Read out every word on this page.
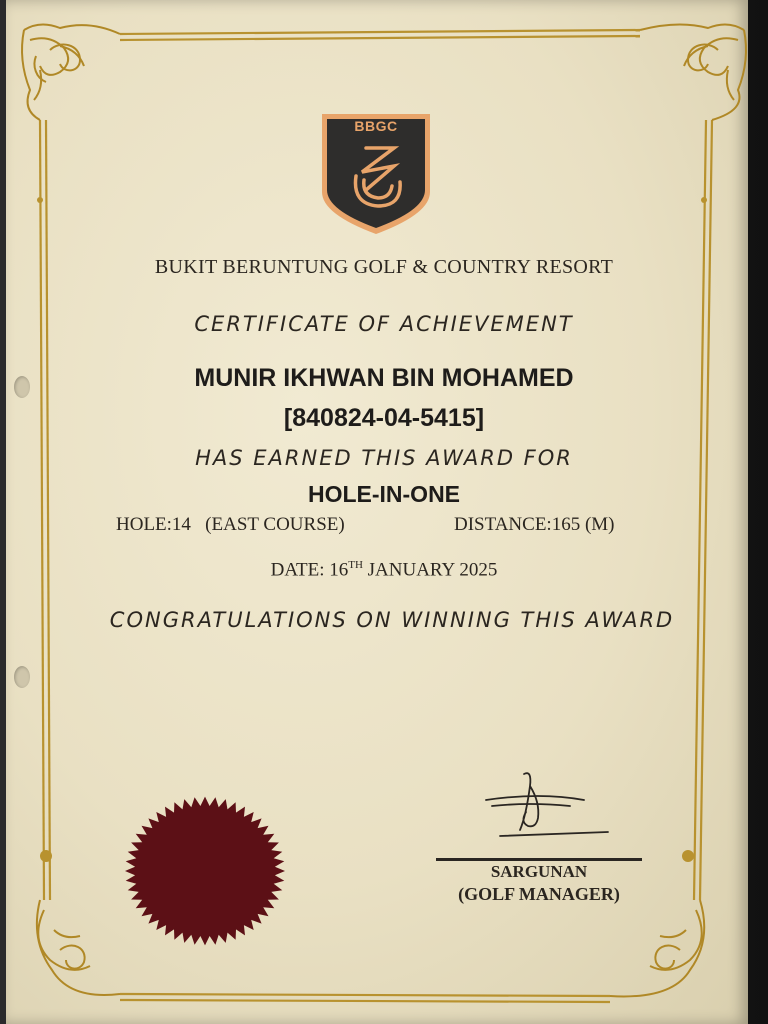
BBGC
BUKIT BERUNTUNG GOLF & COUNTRY RESORT
CERTIFICATE OF ACHIEVEMENT
MUNIR IKHWAN BIN MOHAMED
[840824-04-5415]
HAS EARNED THIS AWARD FOR
HOLE-IN-ONE
HOLE:14   (EAST COURSE)	DISTANCE:165 (M)
DATE: 16TH JANUARY 2025
CONGRATULATIONS ON WINNING THIS AWARD
SARGUNAN
(GOLF MANAGER)
